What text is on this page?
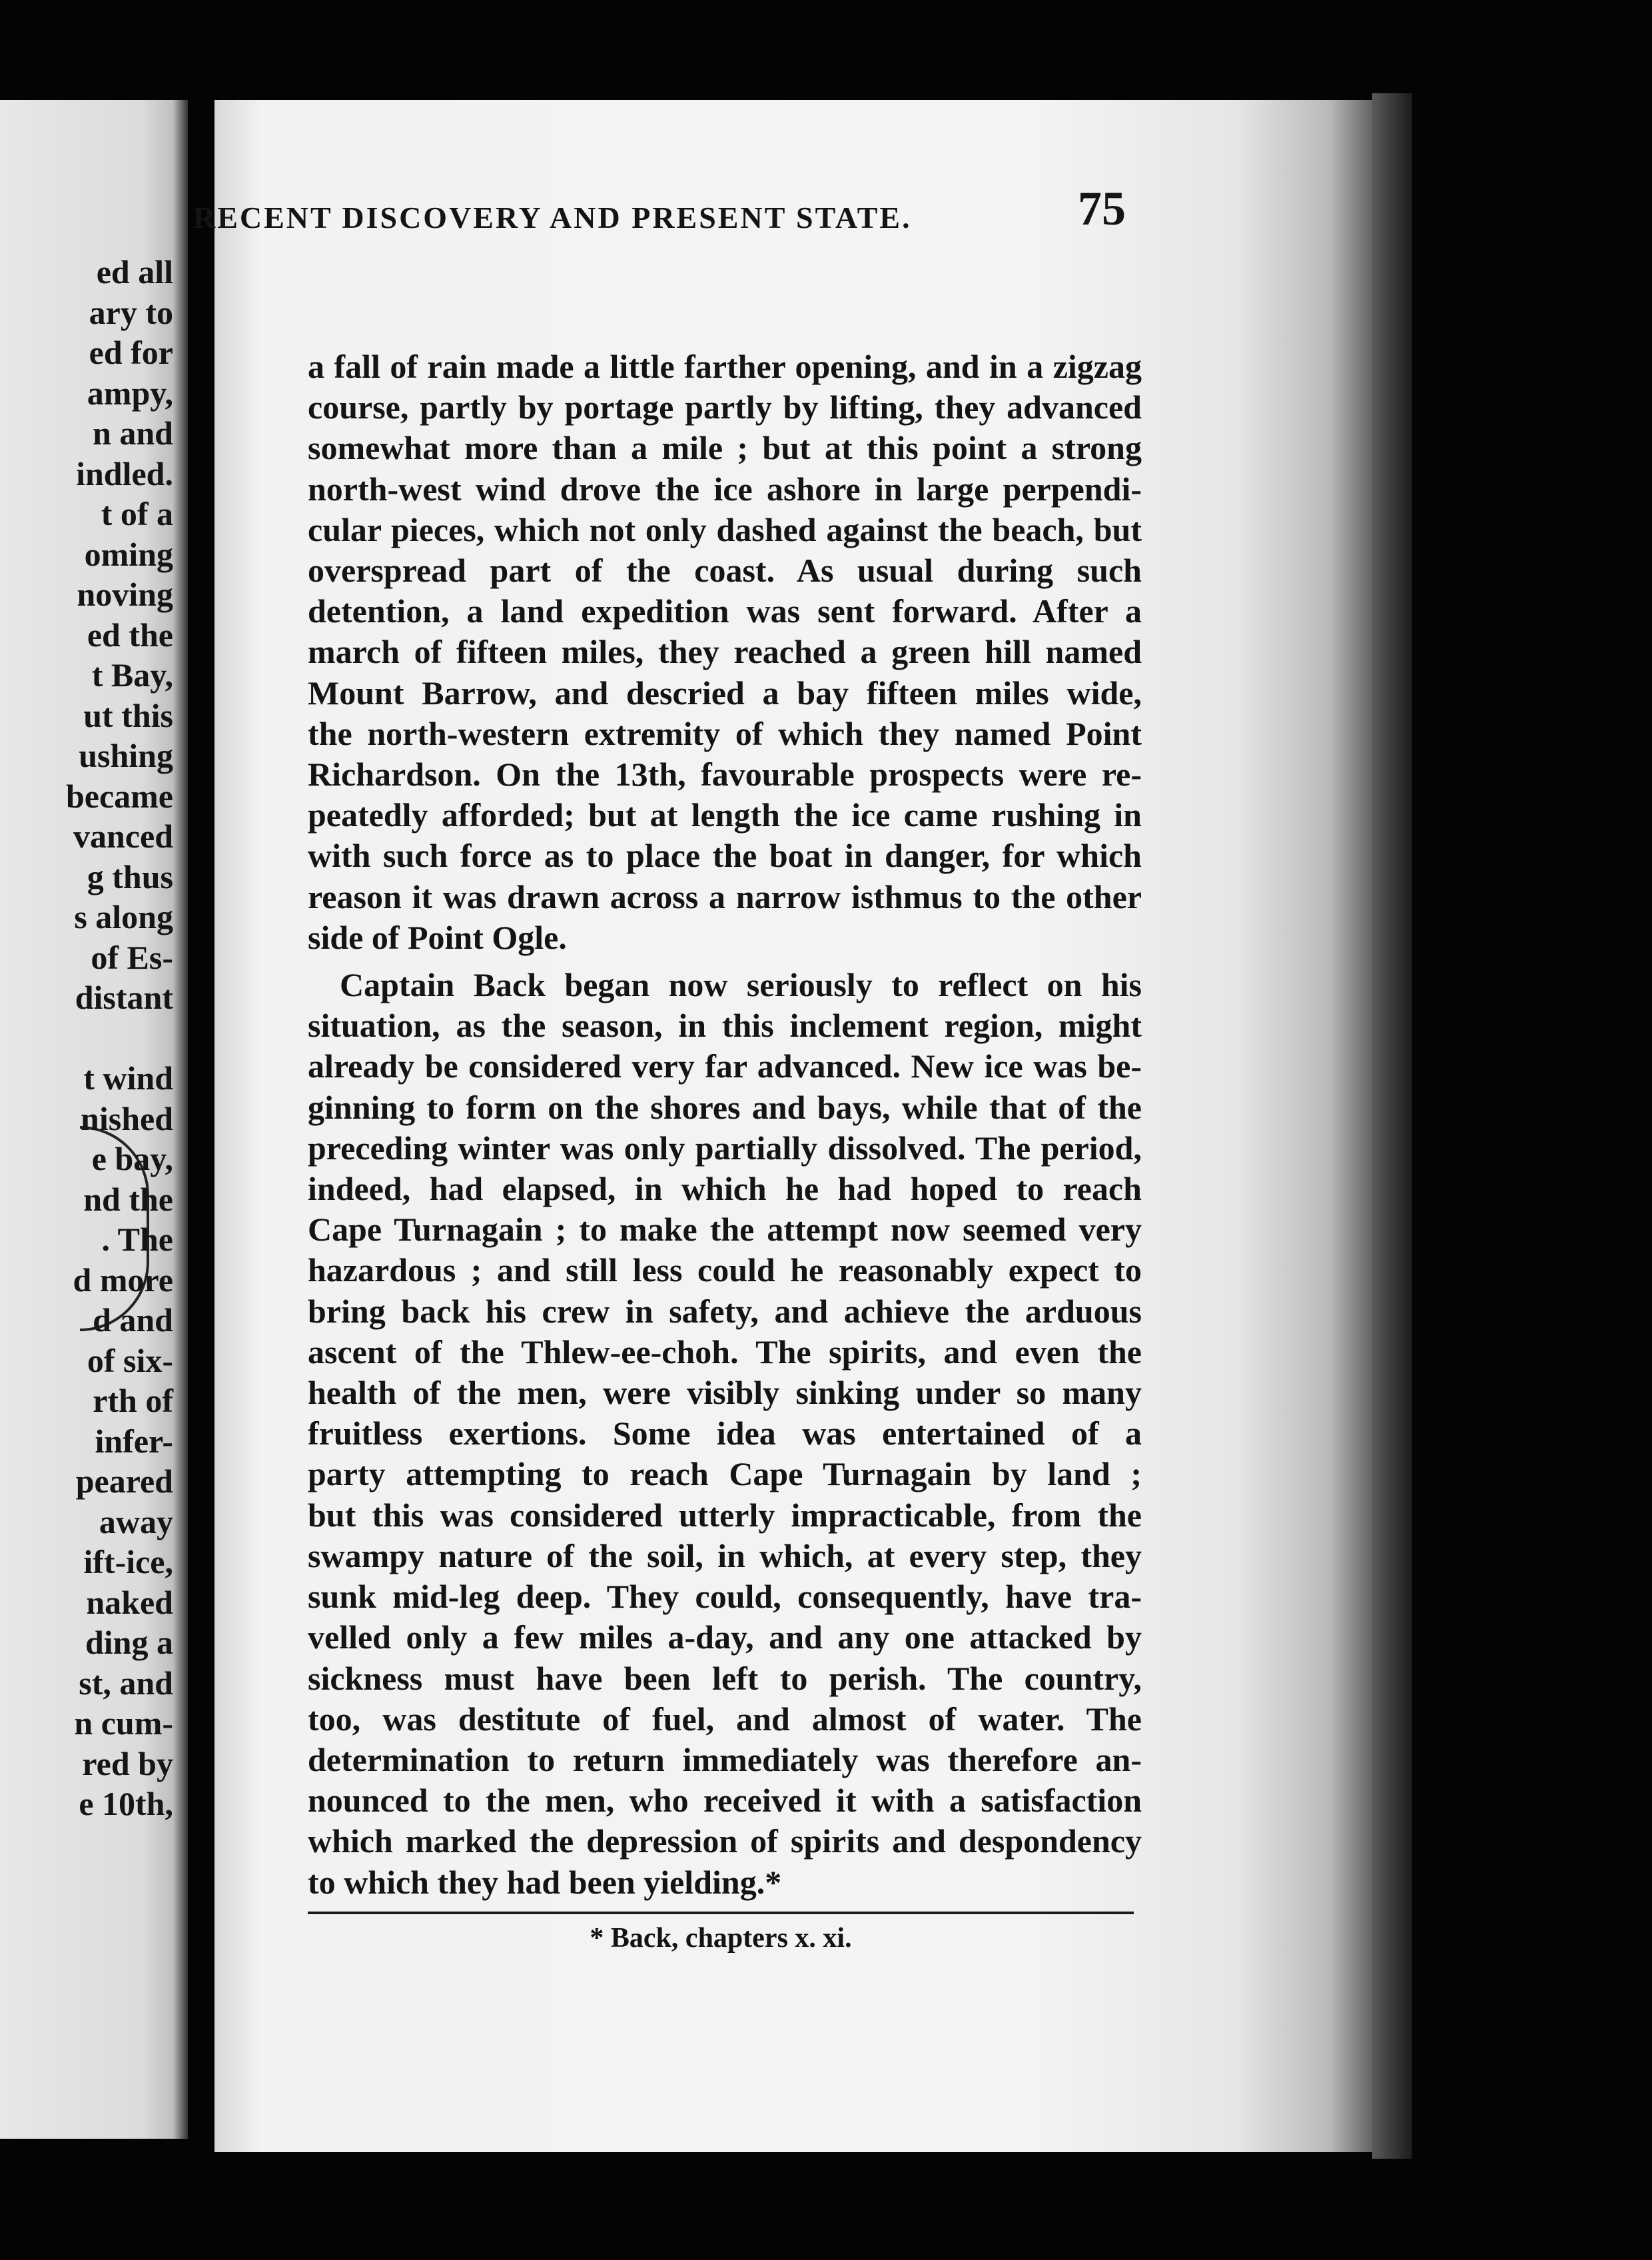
ed all
ary to
ed for
ampy,
n and
indled.
t of a
oming
noving
ed the
t Bay,
ut this
ushing
became
vanced
g thus
s along
of Es-
distant
t wind
nished
e bay,
nd the
. The
d more
d and
of six-
rth of
infer-
peared
away
ift-ice,
naked
ding a
st, and
n cum-
red by
e 10th,
RECENT DISCOVERY AND PRESENT STATE.	75

a fall of rain made a little farther opening, and in a zigzag
course, partly by portage partly by lifting, they advanced
somewhat more than a mile ; but at this point a strong
north-west wind drove the ice ashore in large perpendi-
cular pieces, which not only dashed against the beach, but
overspread part of the coast. As usual during such
detention, a land expedition was sent forward. After a
march of fifteen miles, they reached a green hill named
Mount Barrow, and descried a bay fifteen miles wide,
the north-western extremity of which they named Point
Richardson. On the 13th, favourable prospects were re-
peatedly afforded; but at length the ice came rushing in
with such force as to place the boat in danger, for which
reason it was drawn across a narrow isthmus to the other
side of Point Ogle.

Captain Back began now seriously to reflect on his
situation, as the season, in this inclement region, might
already be considered very far advanced. New ice was be-
ginning to form on the shores and bays, while that of the
preceding winter was only partially dissolved. The period,
indeed, had elapsed, in which he had hoped to reach
Cape Turnagain ; to make the attempt now seemed very
hazardous ; and still less could he reasonably expect to
bring back his crew in safety, and achieve the arduous
ascent of the Thlew-ee-choh. The spirits, and even the
health of the men, were visibly sinking under so many
fruitless exertions. Some idea was entertained of a
party attempting to reach Cape Turnagain by land ;
but this was considered utterly impracticable, from the
swampy nature of the soil, in which, at every step, they
sunk mid-leg deep. They could, consequently, have tra-
velled only a few miles a-day, and any one attacked by
sickness must have been left to perish. The country,
too, was destitute of fuel, and almost of water. The
determination to return immediately was therefore an-
nounced to the men, who received it with a satisfaction
which marked the depression of spirits and despondency
to which they had been yielding.*

* Back, chapters x. xi.
